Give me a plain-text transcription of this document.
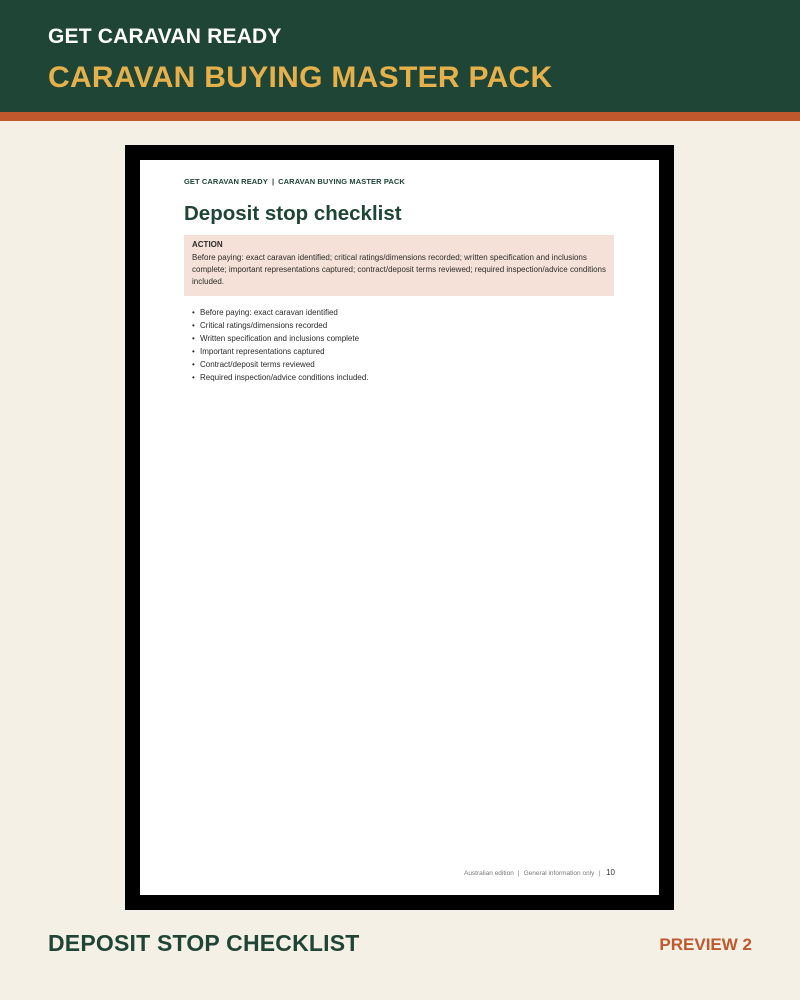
GET CARAVAN READY
CARAVAN BUYING MASTER PACK
GET CARAVAN READY | CARAVAN BUYING MASTER PACK
Deposit stop checklist
ACTION
Before paying: exact caravan identified; critical ratings/dimensions recorded; written specification and inclusions complete; important representations captured; contract/deposit terms reviewed; required inspection/advice conditions included.
• Before paying: exact caravan identified
• Critical ratings/dimensions recorded
• Written specification and inclusions complete
• Important representations captured
• Contract/deposit terms reviewed
• Required inspection/advice conditions included.
Australian edition | General information only | 10
DEPOSIT STOP CHECKLIST	PREVIEW 2
